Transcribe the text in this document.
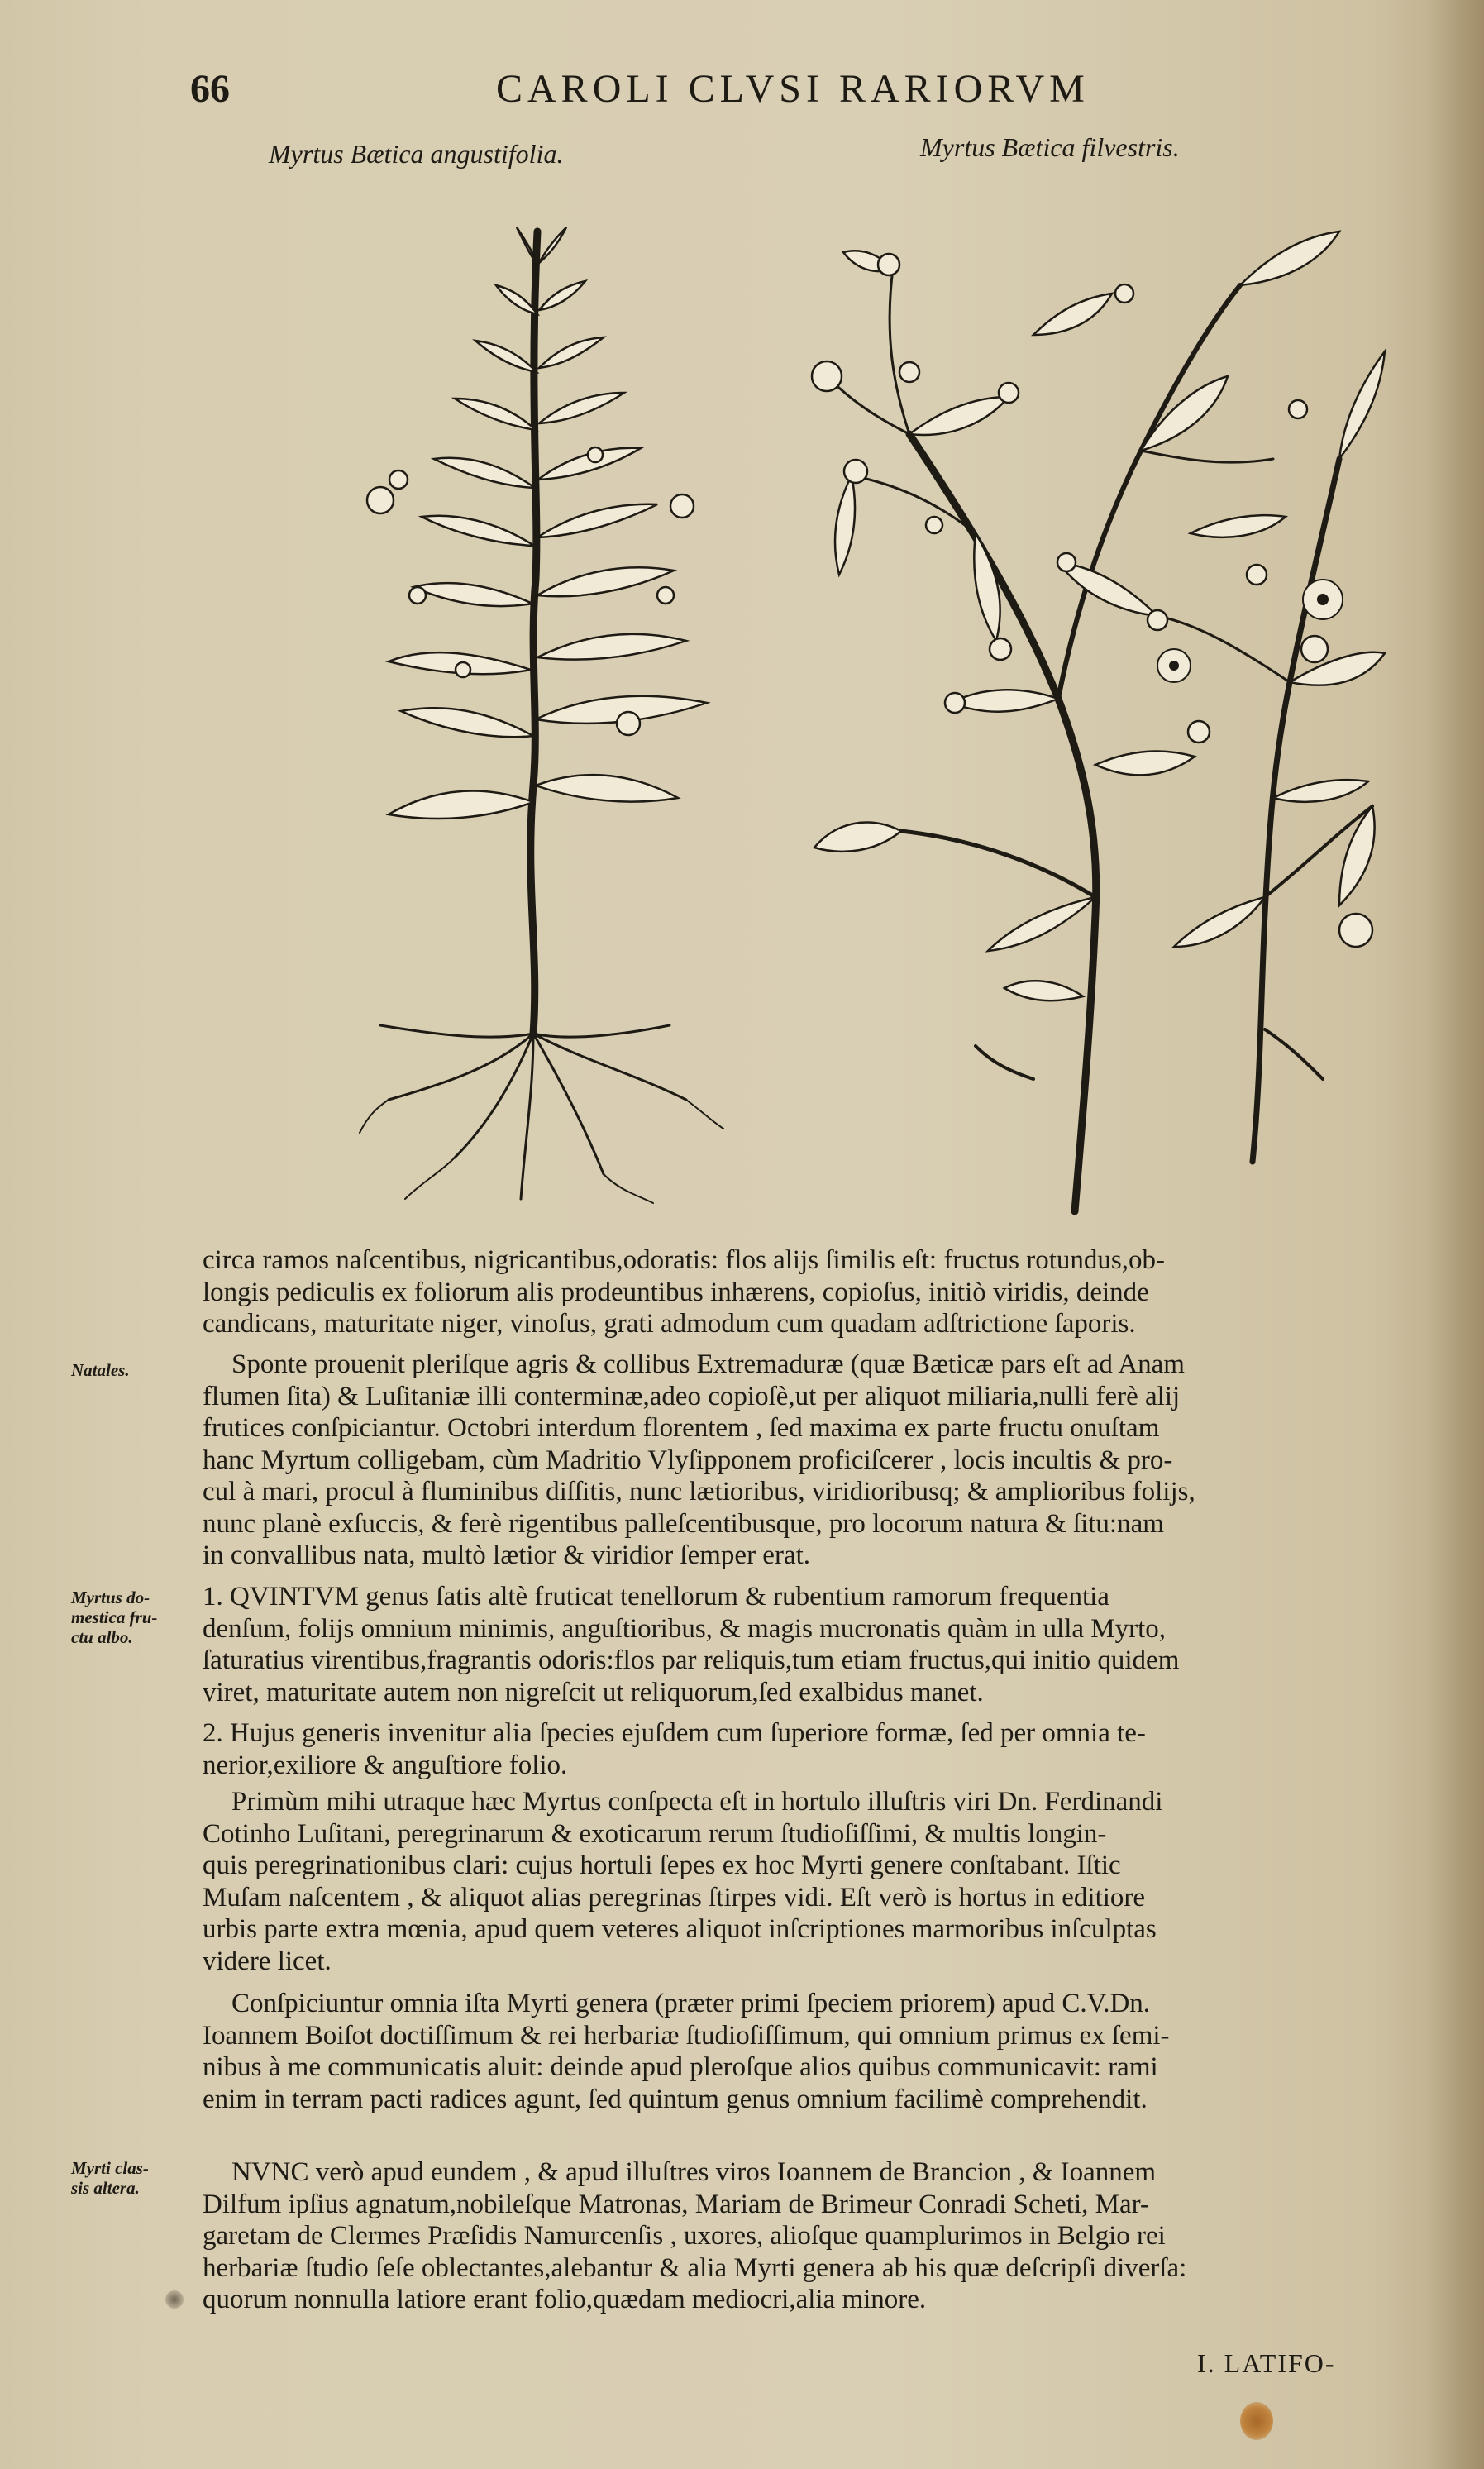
66	CAROLI CLVSI RARIORVM
Myrtus Bætica angustifolia.	Myrtus Bætica filvestris.
Natales.
Myrtus do-
mestica fru-
ctu albo.
Myrti clas-
sis altera.

circa ramos naſcentibus, nigricantibus,odoratis: flos alijs ſimilis eſt: fructus rotundus,ob-

longis pediculis ex foliorum alis prodeuntibus inhærens, copioſus, initiò viridis, deinde

candicans, maturitate niger, vinoſus, grati admodum cum quadam adſtrictione ſaporis.

Sponte prouenit pleriſque agris & collibus Extremaduræ (quæ Bæticæ pars eſt ad Anam

flumen ſita) & Luſitaniæ illi conterminæ,adeo copioſè,ut per aliquot miliaria,nulli ferè alij

frutices conſpiciantur. Octobri interdum florentem , ſed maxima ex parte fructu onuſtam

hanc Myrtum colligebam, cùm Madritio Vlyſipponem proficiſcerer , locis incultis & pro-

cul à mari, procul à fluminibus diſſitis, nunc lætioribus, viridioribusq; & amplioribus folijs,

nunc planè exſuccis, & ferè rigentibus palleſcentibusque, pro locorum natura & ſitu:nam

in convallibus nata, multò lætior & viridior ſemper erat.

1. QVINTVM genus ſatis altè fruticat tenellorum & rubentium ramorum frequentia

denſum, folijs omnium minimis, anguſtioribus, & magis mucronatis quàm in ulla Myrto,

ſaturatius virentibus,fragrantis odoris:flos par reliquis,tum etiam fructus,qui initio quidem

viret, maturitate autem non nigreſcit ut reliquorum,ſed exalbidus manet.

2. Hujus generis invenitur alia ſpecies ejuſdem cum ſuperiore formæ, ſed per omnia te-

nerior,exiliore & anguſtiore folio.

Primùm mihi utraque hæc Myrtus conſpecta eſt in hortulo illuſtris viri Dn. Ferdinandi

Cotinho Luſitani, peregrinarum & exoticarum rerum ſtudioſiſſimi, & multis longin-

quis peregrinationibus clari: cujus hortuli ſepes ex hoc Myrti genere conſtabant. Iſtic

Muſam naſcentem , & aliquot alias peregrinas ſtirpes vidi. Eſt verò is hortus in editiore

urbis parte extra mœnia, apud quem veteres aliquot inſcriptiones marmoribus inſculptas

videre licet.

Conſpiciuntur omnia iſta Myrti genera (præter primi ſpeciem priorem) apud C.V.Dn.

Ioannem Boiſot doctiſſimum & rei herbariæ ſtudioſiſſimum, qui omnium primus ex ſemi-

nibus à me communicatis aluit: deinde apud pleroſque alios quibus communicavit: rami

enim in terram pacti radices agunt, ſed quintum genus omnium facilimè comprehendit.

NVNC verò apud eundem , & apud illuſtres viros Ioannem de Brancion , & Ioannem

Dilfum ipſius agnatum,nobileſque Matronas, Mariam de Brimeur Conradi Scheti, Mar-

garetam de Clermes Præſidis Namurcenſis , uxores, alioſque quamplurimos in Belgio rei

herbariæ ſtudio ſeſe oblectantes,alebantur & alia Myrti genera ab his quæ deſcripſi diverſa:

quorum nonnulla latiore erant folio,quædam mediocri,alia minore.

I. LATIFO-
